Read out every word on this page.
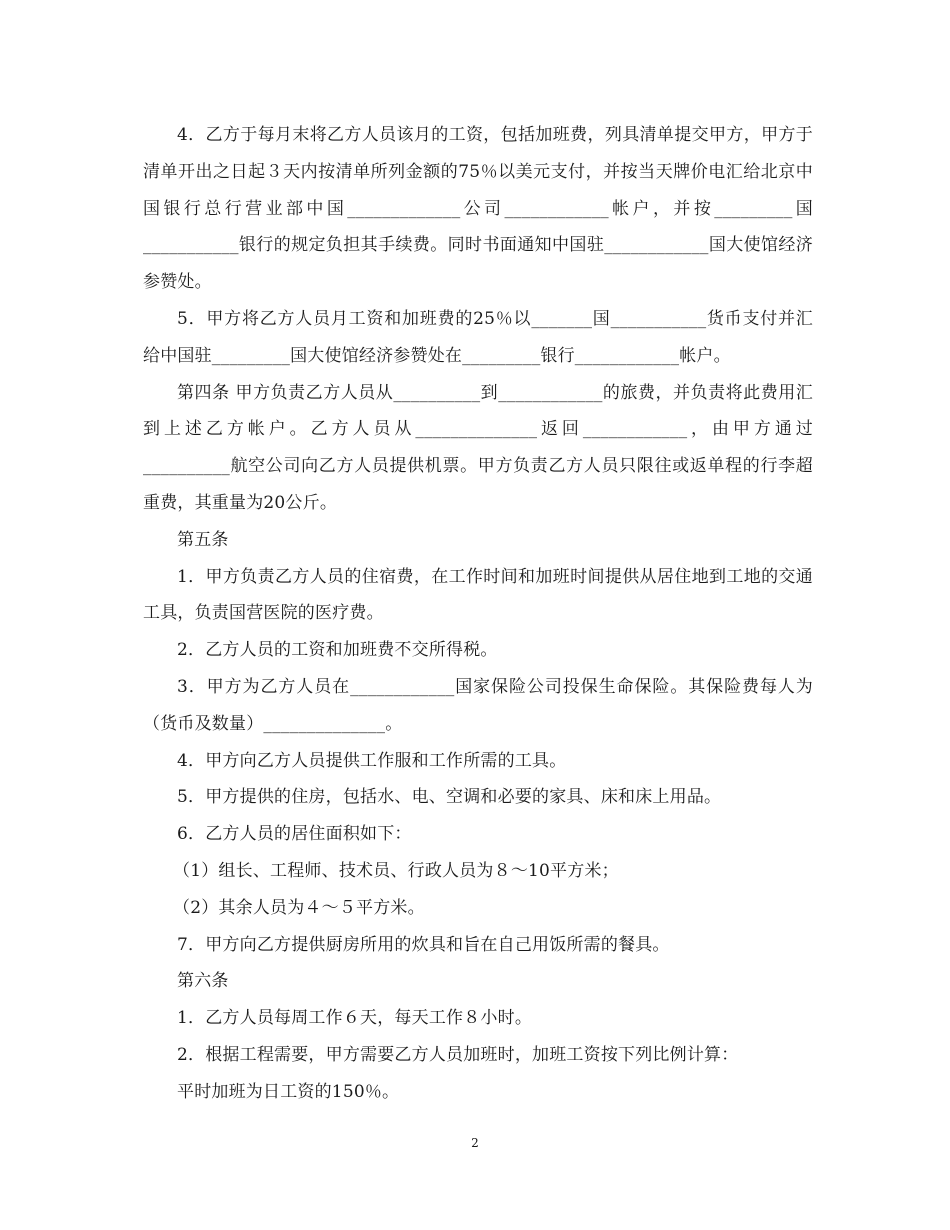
4．乙方于每月末将乙方人员该月的工资，包括加班费，列具清单提交甲方，甲方于清单开出之日起３天内按清单所列金额的75％以美元支付，并按当天牌价电汇给北京中国银行总行营业部中国_____________公司____________帐户，并按_________国___________银行的规定负担其手续费。同时书面通知中国驻____________国大使馆经济参赞处。

5．甲方将乙方人员月工资和加班费的25％以_______国___________货币支付并汇给中国驻_________国大使馆经济参赞处在_________银行____________帐户。

第四条 甲方负责乙方人员从__________到____________的旅费，并负责将此费用汇到上述乙方帐户。乙方人员从______________返回____________，由甲方通过__________航空公司向乙方人员提供机票。甲方负责乙方人员只限往或返单程的行李超重费，其重量为20公斤。

第五条

1．甲方负责乙方人员的住宿费，在工作时间和加班时间提供从居住地到工地的交通工具，负责国营医院的医疗费。

2．乙方人员的工资和加班费不交所得税。

3．甲方为乙方人员在____________国家保险公司投保生命保险。其保险费每人为（货币及数量）______________。

4．甲方向乙方人员提供工作服和工作所需的工具。

5．甲方提供的住房，包括水、电、空调和必要的家具、床和床上用品。

6．乙方人员的居住面积如下：

（1）组长、工程师、技术员、行政人员为８～10平方米；

（2）其余人员为４～５平方米。

7．甲方向乙方提供厨房所用的炊具和旨在自己用饭所需的餐具。

第六条

1．乙方人员每周工作６天，每天工作８小时。

2．根据工程需要，甲方需要乙方人员加班时，加班工资按下列比例计算：

平时加班为日工资的150％。

2
